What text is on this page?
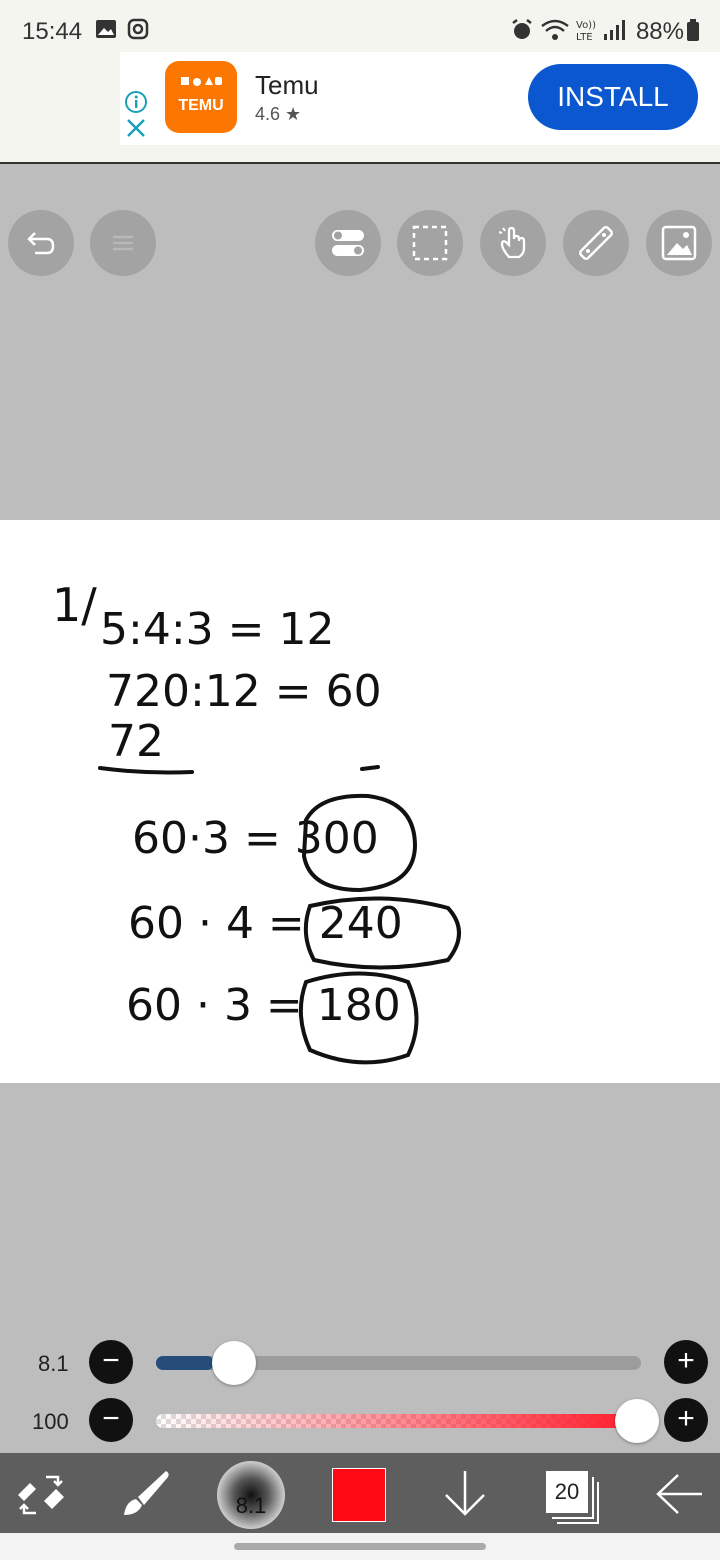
15:44	Vo))
LTE 88%
TEMU
Temu
4.6 ★
INSTALL
1/ 5:4:3 = 12
720:12 = 60
72
60·3 = 300
60 · 4 = 240
60 · 3 = 180
8.1	−	+
100	−	+
8.1
20
